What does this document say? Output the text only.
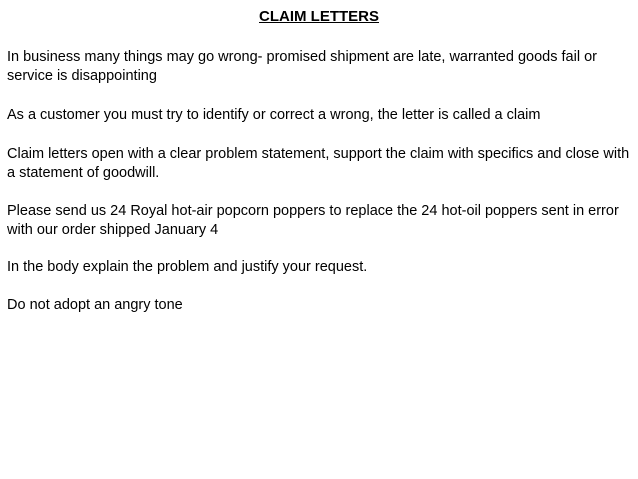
CLAIM LETTERS

In business many things may go wrong- promised shipment are late, warranted goods fail or service is disappointing

As a customer you must try to identify or correct a wrong, the letter is called a claim

Claim letters open with a clear problem statement, support the claim with specifics and close with a statement of goodwill.

Please send us 24 Royal hot-air popcorn poppers to replace the 24 hot-oil poppers sent in error with our order shipped January 4

In the body explain the problem and justify your request.

Do not adopt an angry tone
